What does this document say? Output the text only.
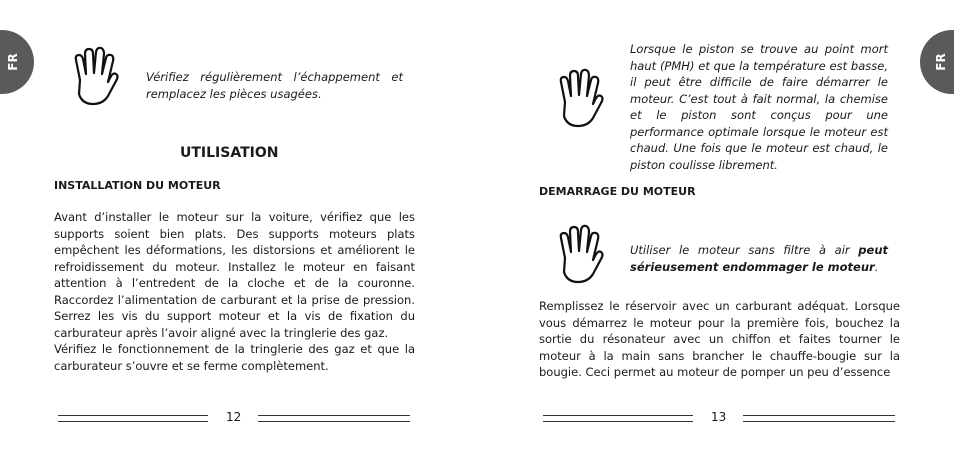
FR
Vérifiez régulièrement l’échappement et remplacez les pièces usagées.
UTILISATION
INSTALLATION DU MOTEUR

Avant d’installer le moteur sur la voiture, vérifiez que les supports soient bien plats. Des supports moteurs plats empêchent les déformations, les distorsions et améliorent le refroidissement du moteur. Installez le moteur en faisant attention à l’entredent de la cloche et de la couronne. Raccordez l’alimentation de carburant et la prise de pression. Serrez les vis du support moteur et la vis de fixation du carburateur après l’avoir aligné avec la tringlerie des gaz.

Vérifiez le fonctionnement de la tringlerie des gaz et que la carburateur s’ouvre et se ferme complètement.

12
FR
Lorsque le piston se trouve au point mort haut (PMH) et que la température est basse, il peut être difficile de faire démarrer le moteur. C’est tout à fait normal, la chemise et le piston sont conçus pour une performance optimale lorsque le moteur est chaud. Une fois que le moteur est chaud, le piston coulisse librement.
DEMARRAGE DU MOTEUR
Utiliser le moteur sans filtre à air peut sérieusement endommager le moteur.

Remplissez le réservoir avec un carburant adéquat. Lorsque vous démarrez le moteur pour la première fois, bouchez la sortie du résonateur avec un chiffon et faites tourner le moteur à la main sans brancher le chauffe-bougie sur la bougie. Ceci permet au moteur de pomper un peu d’essence

13
